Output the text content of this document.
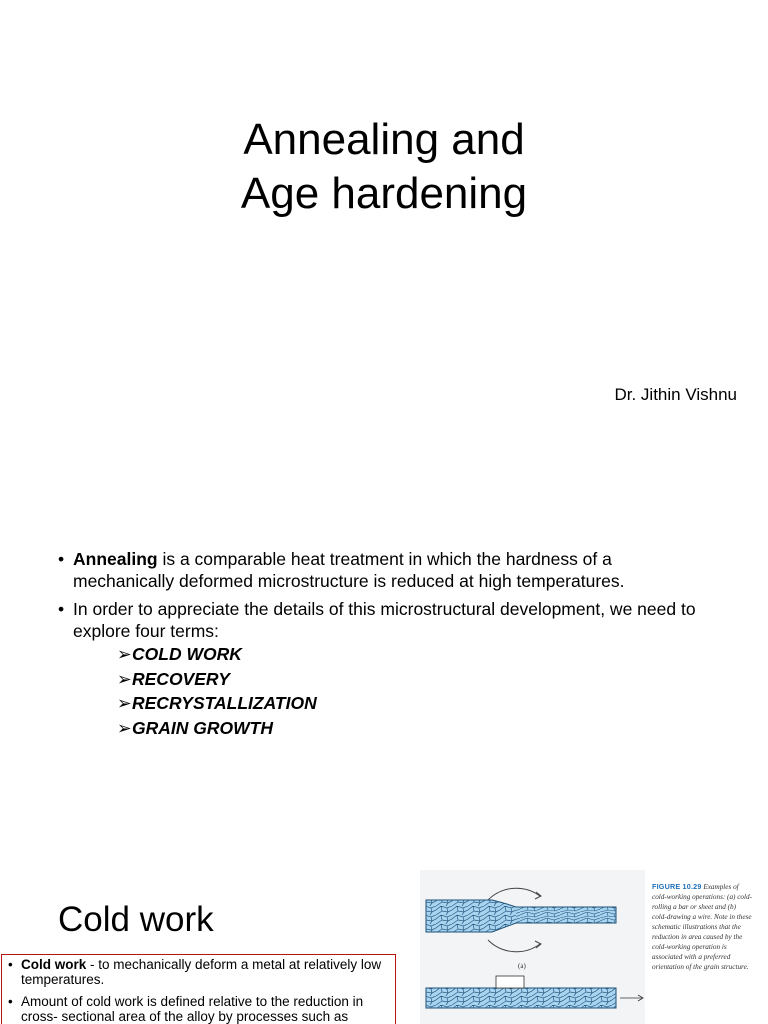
Annealing and
Age hardening
Dr. Jithin Vishnu
• Annealing is a comparable heat treatment in which the hardness of a mechanically deformed microstructure is reduced at high temperatures.
• In order to appreciate the details of this microstructural development, we need to explore four terms:
➢COLD WORK
➢RECOVERY
➢RECRYSTALLIZATION
➢GRAIN GROWTH
Cold work
• Cold work - to mechanically deform a metal at relatively low temperatures.
• Amount of cold work is defined relative to the reduction in cross- sectional area of the alloy by processes such as
(a)
FIGURE 10.29 Examples of cold-working operations: (a) cold-rolling a bar or sheet and (b) cold-drawing a wire. Note in these schematic illustrations that the reduction in area caused by the cold-working operation is associated with a preferred orientation of the grain structure.
